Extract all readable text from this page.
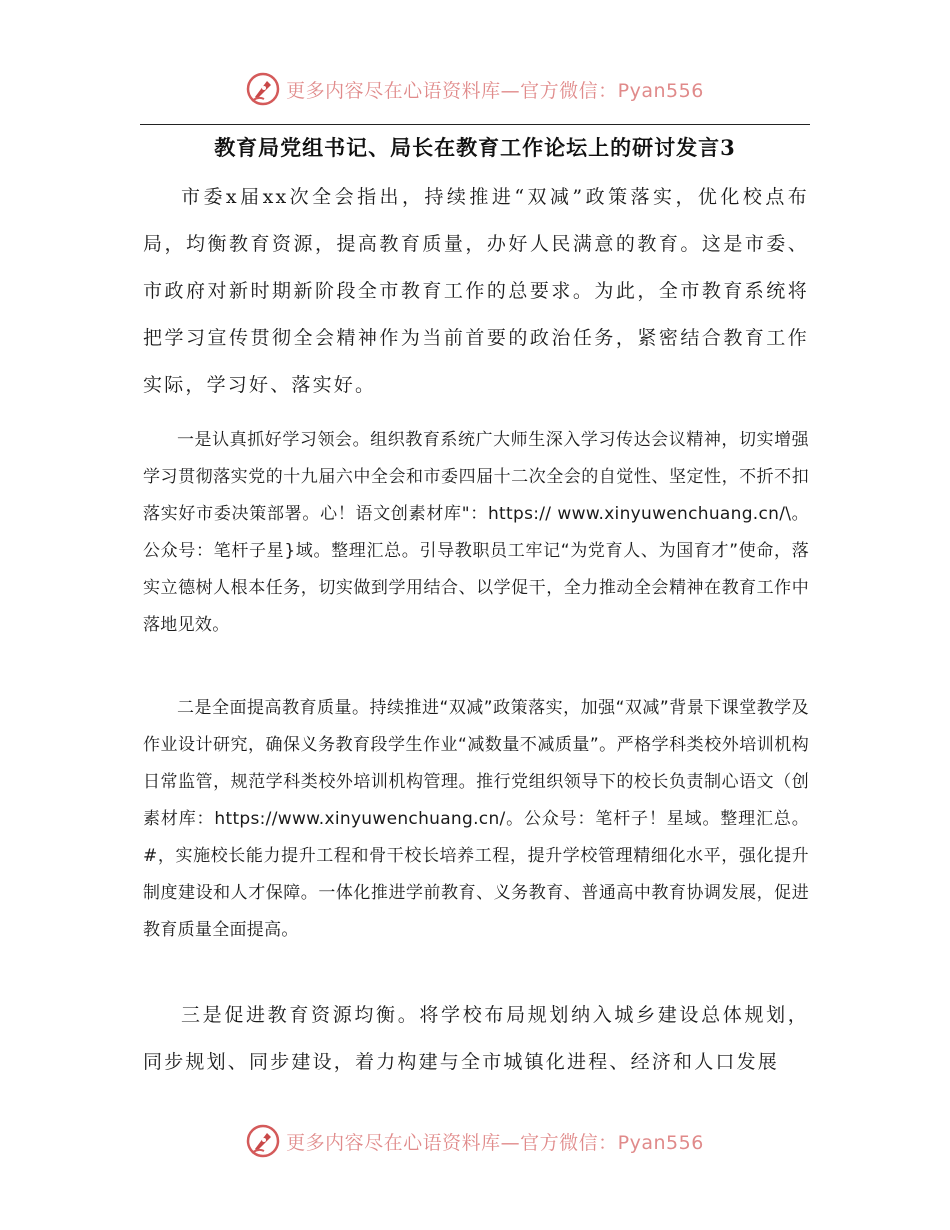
更多内容尽在心语资料库—官方微信：Pyan556
教育局党组书记、局长在教育工作论坛上的研讨发言3

市委x届xx次全会指出，持续推进“双减”政策落实，优化校点布局，均衡教育资源，提高教育质量，办好人民满意的教育。这是市委、市政府对新时期新阶段全市教育工作的总要求。为此，全市教育系统将把学习宣传贯彻全会精神作为当前首要的政治任务，紧密结合教育工作实际，学习好、落实好。

一是认真抓好学习领会。组织教育系统广大师生深入学习传达会议精神，切实增强学习贯彻落实党的十九届六中全会和市委四届十二次全会的自觉性、坚定性，不折不扣落实好市委决策部署。心！语文创素材库"：https:// www.xinyuwenchuang.cn/\。公众号：笔杆子星}域。整理汇总。引导教职员工牢记“为党育人、为国育才”使命，落实立德树人根本任务，切实做到学用结合、以学促干，全力推动全会精神在教育工作中落地见效。

二是全面提高教育质量。持续推进“双减”政策落实，加强“双减”背景下课堂教学及作业设计研究，确保义务教育段学生作业“减数量不减质量”。严格学科类校外培训机构日常监管，规范学科类校外培训机构管理。推行党组织领导下的校长负责制心语文（创素材库：https://www.xinyuwenchuang.cn/。公众号：笔杆子！星域。整理汇总。#，实施校长能力提升工程和骨干校长培养工程，提升学校管理精细化水平，强化提升制度建设和人才保障。一体化推进学前教育、义务教育、普通高中教育协调发展，促进教育质量全面提高。

三是促进教育资源均衡。将学校布局规划纳入城乡建设总体规划，同步规划、同步建设，着力构建与全市城镇化进程、经济和人口发展

更多内容尽在心语资料库—官方微信：Pyan556
